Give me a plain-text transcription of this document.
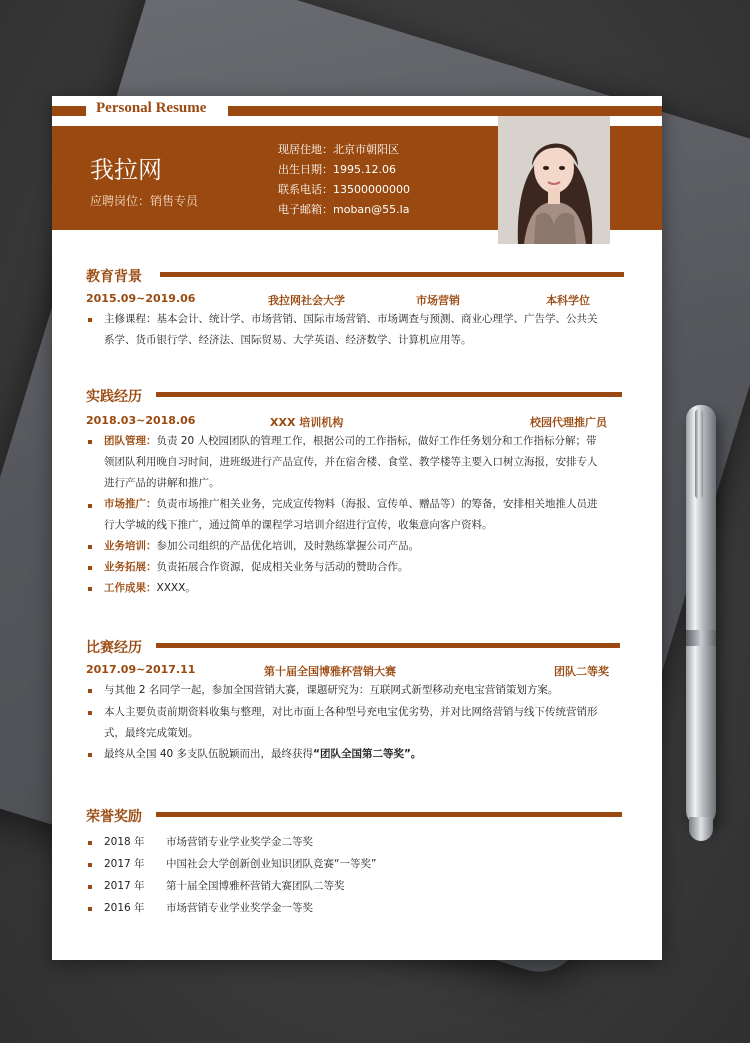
Personal Resume
我拉网
应聘岗位：销售专员
现居住地：北京市朝阳区
出生日期：1995.12.06
联系电话：13500000000
电子邮箱：moban@55.la
教育背景
2015.09~2019.06	我拉网社会大学	市场营销	本科学位
主修课程：基本会计、统计学、市场营销、国际市场营销、市场调查与预测、商业心理学、广告学、公共关
系学、货币银行学、经济法、国际贸易、大学英语、经济数学、计算机应用等。
实践经历
2018.03~2018.06	XXX 培训机构	校园代理推广员
团队管理：负责 20 人校园团队的管理工作，根据公司的工作指标，做好工作任务划分和工作指标分解；带
领团队利用晚自习时间，进班级进行产品宣传，并在宿舍楼、食堂、教学楼等主要入口树立海报，安排专人
进行产品的讲解和推广。
市场推广：负责市场推广相关业务，完成宣传物料（海报、宣传单、赠品等）的筹备，安排相关地推人员进
行大学城的线下推广，通过简单的课程学习培训介绍进行宣传，收集意向客户资料。
业务培训：参加公司组织的产品优化培训，及时熟练掌握公司产品。
业务拓展：负责拓展合作资源，促成相关业务与活动的赞助合作。
工作成果：XXXX。
比赛经历
2017.09~2017.11	第十届全国博雅杯营销大赛	团队二等奖
与其他 2 名同学一起，参加全国营销大赛，课题研究为：互联网式新型移动充电宝营销策划方案。
本人主要负责前期资料收集与整理，对比市面上各种型号充电宝优劣势，并对比网络营销与线下传统营销形
式，最终完成策划。
最终从全国 40 多支队伍脱颖而出，最终获得“团队全国第二等奖”。
荣誉奖励
2018 年	市场营销专业学业奖学金二等奖
2017 年	中国社会大学创新创业知识团队竞赛“一等奖”
2017 年	第十届全国博雅杯营销大赛团队二等奖
2016 年	市场营销专业学业奖学金一等奖
